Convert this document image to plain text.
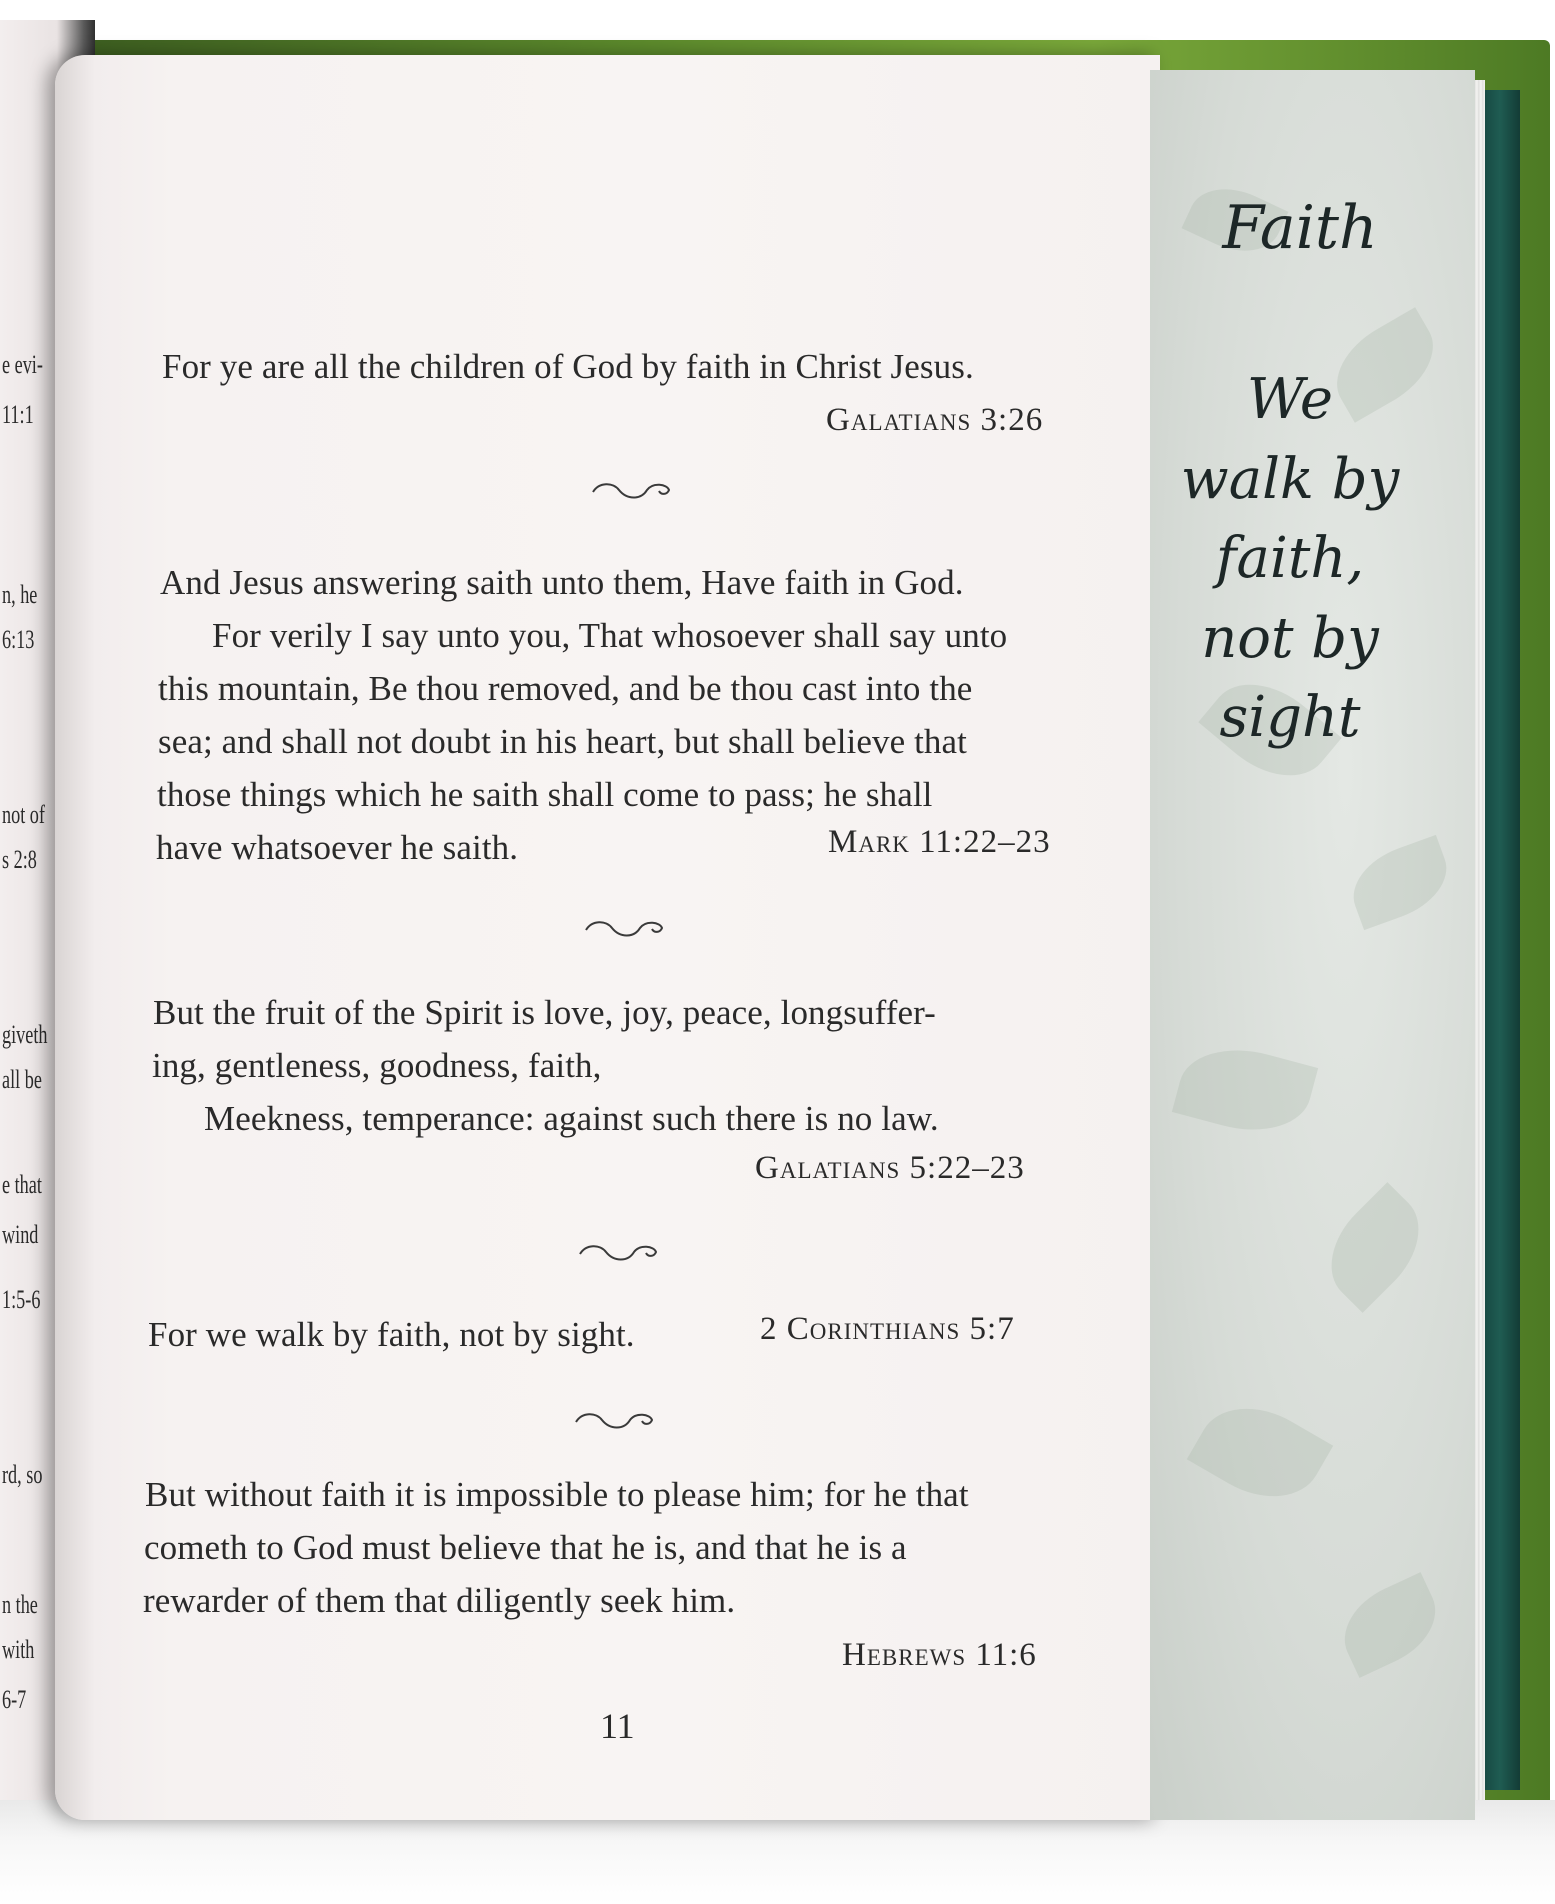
e evi-
11:1
n, he
6:13
not of
s 2:8
giveth
all be
e that
wind
1:5-6
rd, so
n the
with
6-7
Faith
We
walk by
faith,
not by
sight
For ye are all the children of God by faith in Christ Jesus.
Galatians 3:26
And Jesus answering saith unto them, Have faith in God.
For verily I say unto you, That whosoever shall say unto
this mountain, Be thou removed, and be thou cast into the
sea; and shall not doubt in his heart, but shall believe that
those things which he saith shall come to pass; he shall
have whatsoever he saith.	Mark 11:22–23
But the fruit of the Spirit is love, joy, peace, longsuffer-
ing, gentleness, goodness, faith,
Meekness, temperance: against such there is no law.
Galatians 5:22–23
For we walk by faith, not by sight.	2 Corinthians 5:7
But without faith it is impossible to please him; for he that
cometh to God must believe that he is, and that he is a
rewarder of them that diligently seek him.
Hebrews 11:6
11
